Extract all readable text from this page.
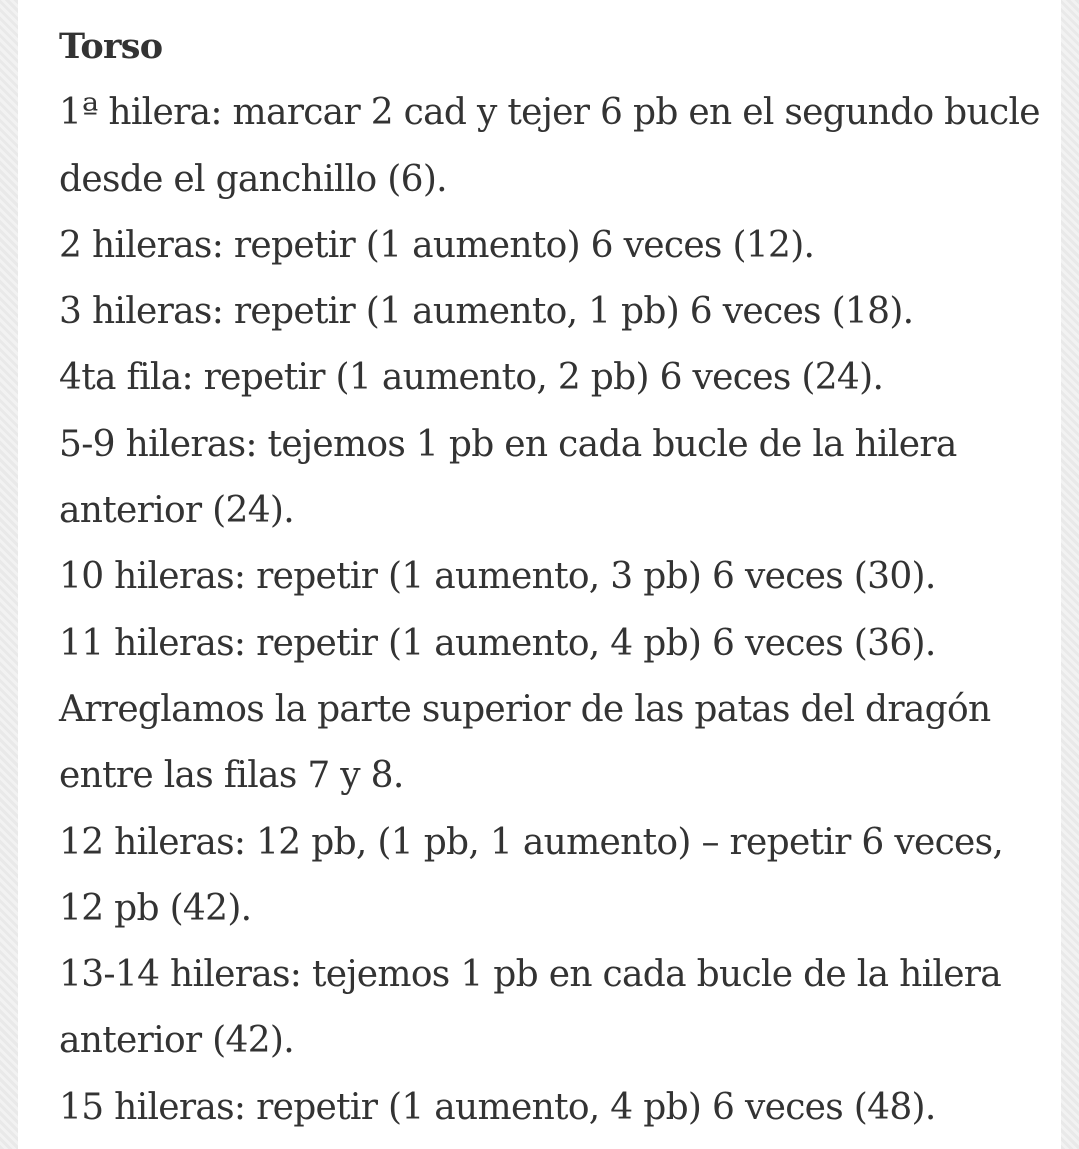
Torso

1ª hilera: marcar 2 cad y tejer 6 pb en el segundo bucle desde el ganchillo (6).

2 hileras: repetir (1 aumento) 6 veces (12).

3 hileras: repetir (1 aumento, 1 pb) 6 veces (18).

4ta fila: repetir (1 aumento, 2 pb) 6 veces (24).

5-9 hileras: tejemos 1 pb en cada bucle de la hilera anterior (24).

10 hileras: repetir (1 aumento, 3 pb) 6 veces (30).

11 hileras: repetir (1 aumento, 4 pb) 6 veces (36).

Arreglamos la parte superior de las patas del dragón entre las filas 7 y 8.

12 hileras: 12 pb, (1 pb, 1 aumento) – repetir 6 veces, 12 pb (42).

13-14 hileras: tejemos 1 pb en cada bucle de la hilera anterior (42).

15 hileras: repetir (1 aumento, 4 pb) 6 veces (48).
